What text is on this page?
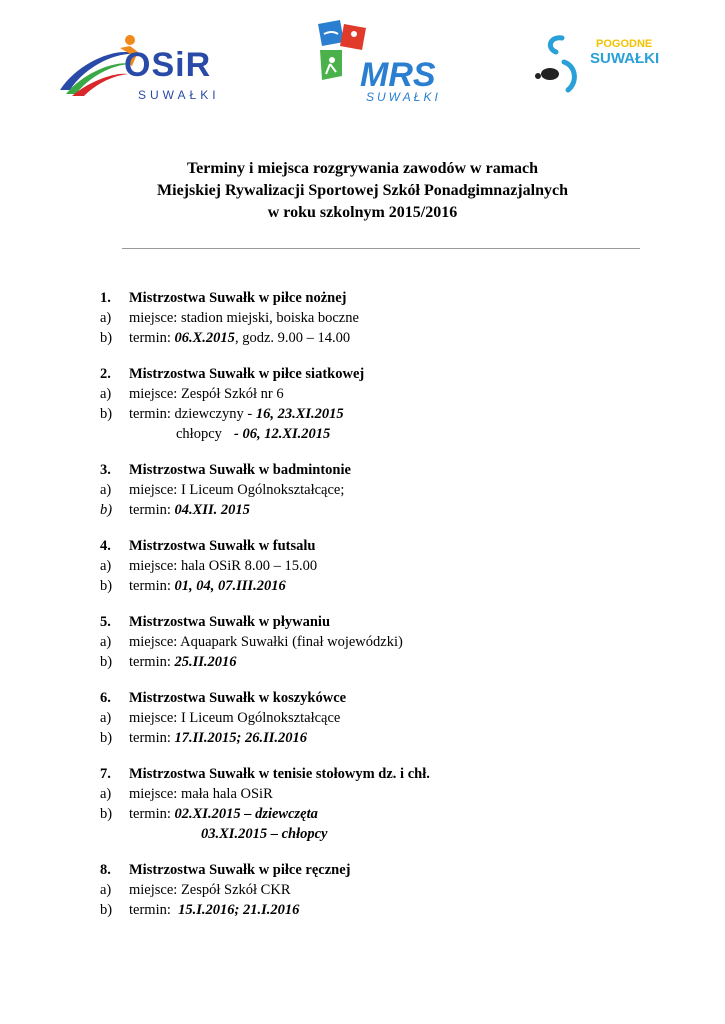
OSiR
SUWAŁKI
MRS
SUWAŁKI
POGODNE
SUWAŁKI
Terminy i miejsca rozgrywania zawodów w ramach
Miejskiej Rywalizacji Sportowej Szkół Ponadgimnazjalnych
w roku szkolnym 2015/2016
1.	Mistrzostwa Suwałk w piłce nożnej
a)	miejsce: stadion miejski, boiska boczne
b)	termin: 06.X.2015, godz. 9.00 – 14.00
2.	Mistrzostwa Suwałk w piłce siatkowej
a)	miejsce: Zespół Szkół nr 6
b)	termin: dziewczyny - 16, 23.XI.2015
chłopcy- 06, 12.XI.2015
3.	Mistrzostwa Suwałk w badmintonie
a)	miejsce: I Liceum Ogólnokształcące;
b)	termin: 04.XII. 2015
4.	Mistrzostwa Suwałk w futsalu
a)	miejsce: hala OSiR 8.00 – 15.00
b)	termin: 01, 04, 07.III.2016
5.	Mistrzostwa Suwałk w pływaniu
a)	miejsce: Aquapark Suwałki (finał wojewódzki)
b)	termin: 25.II.2016
6.	Mistrzostwa Suwałk w koszykówce
a)	miejsce: I Liceum Ogólnokształcące
b)	termin: 17.II.2015; 26.II.2016
7.	Mistrzostwa Suwałk w tenisie stołowym dz. i chł.
a)	miejsce: mała hala OSiR
b)	termin: 02.XI.2015 – dziewczęta
03.XI.2015 – chłopcy
8.	Mistrzostwa Suwałk w piłce ręcznej
a)	miejsce: Zespół Szkół CKR
b)	termin:  15.I.2016; 21.I.2016
